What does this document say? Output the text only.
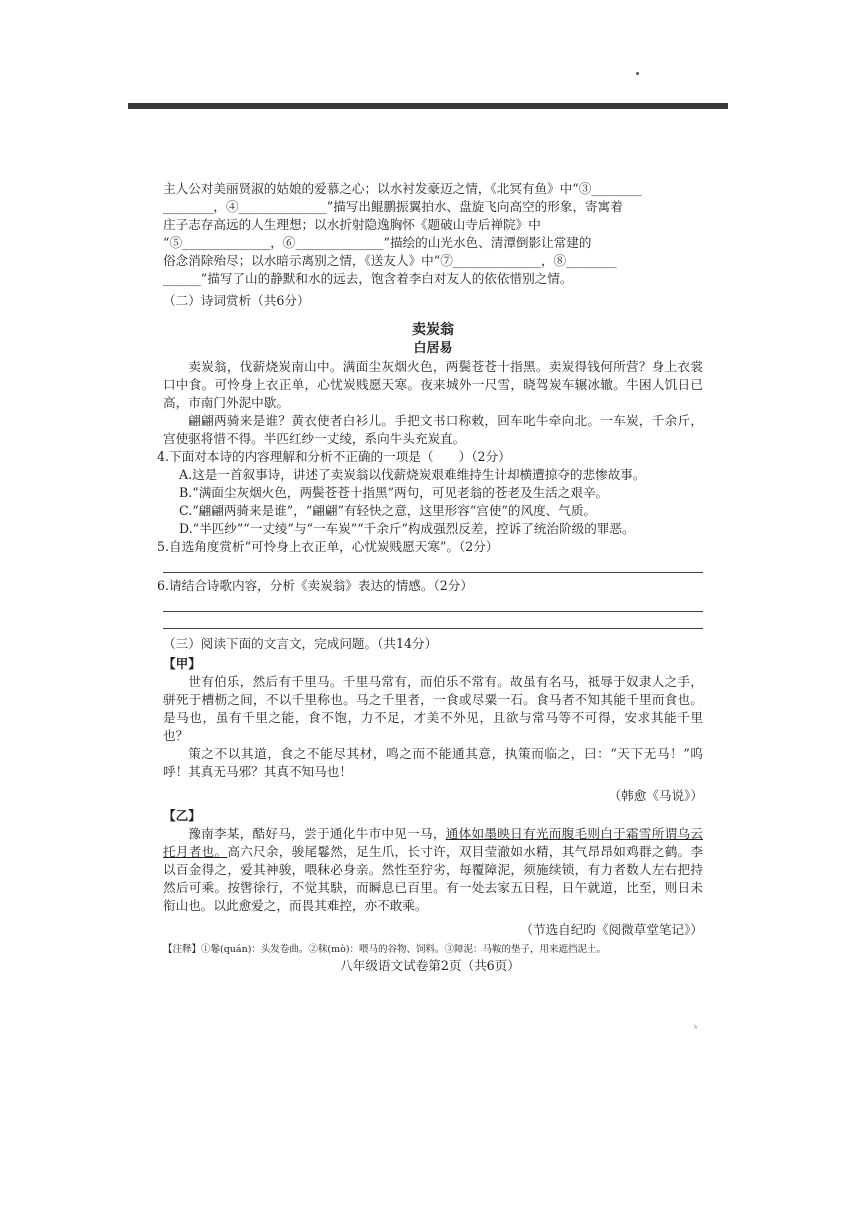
主人公对美丽贤淑的姑娘的爱慕之心；以水衬发豪迈之情，《北冥有鱼》中“③________
________，④______________”描写出鲲鹏振翼拍水、盘旋飞向高空的形象，寄寓着
庄子志存高远的人生理想；以水折射隐逸胸怀《题破山寺后禅院》中
“⑤______________，⑥______________”描绘的山光水色、清潭倒影让常建的
俗念消除殆尽；以水暗示离别之情，《送友人》中“⑦______________，⑧________
______”描写了山的静默和水的远去，饱含着李白对友人的依依惜别之情。

（二）诗词赏析（共6分）

卖炭翁
白居易

卖炭翁，伐薪烧炭南山中。满面尘灰烟火色，两鬓苍苍十指黑。卖炭得钱何所营？身上衣裳口中食。可怜身上衣正单，心忧炭贱愿天寒。夜来城外一尺雪，晓驾炭车辗冰辙。牛困人饥日已高，市南门外泥中歇。

翩翩两骑来是谁？黄衣使者白衫儿。手把文书口称敕，回车叱牛牵向北。一车炭，千余斤，宫使驱将惜不得。半匹红纱一丈绫，系向牛头充炭直。

4.下面对本诗的内容理解和分析不正确的一项是（　　）（2分）

A.这是一首叙事诗，讲述了卖炭翁以伐薪烧炭艰难维持生计却横遭掠夺的悲惨故事。

B.“满面尘灰烟火色，两鬓苍苍十指黑”两句，可见老翁的苍老及生活之艰辛。

C.“翩翩两骑来是谁”，“翩翩”有轻快之意，这里形容“宫使”的风度、气质。

D.“半匹纱”“一丈绫”与“一车炭”“千余斤”构成强烈反差，控诉了统治阶级的罪恶。

5.自选角度赏析“可怜身上衣正单，心忧炭贱愿天寒”。（2分）

6.请结合诗歌内容，分析《卖炭翁》表达的情感。（2分）

（三）阅读下面的文言文，完成问题。（共14分）

【甲】

世有伯乐，然后有千里马。千里马常有，而伯乐不常有。故虽有名马，祗辱于奴隶人之手，骈死于槽枥之间，不以千里称也。马之千里者，一食或尽粟一石。食马者不知其能千里而食也。是马也，虽有千里之能，食不饱，力不足，才美不外见，且欲与常马等不可得，安求其能千里也？

策之不以其道，食之不能尽其材，鸣之而不能通其意，执策而临之，曰：“天下无马！”呜呼！其真无马邪？其真不知马也！

（韩愈《马说》）

【乙】

豫南李某，酷好马，尝于通化牛市中见一马，通体如墨映日有光而腹毛则白于霜雪所谓乌云托月者也。高六尺余，骏尾鬈然，足生爪，长寸许，双目莹澈如水精，其气昂昂如鸡群之鹤。李以百金得之，爱其神骏，喂秣必身亲。然性至狞劣，每覆障泥，须施续锁，有力者数人左右把持然后可乘。按辔徐行，不觉其駃，而瞬息已百里。有一处去家五日程，日午就道，比至，则日未衔山也。以此愈爱之，而畏其难控，亦不敢乘。

（节选自纪昀《阅微草堂笔记》）

【注释】①鬈(quán)：头发卷曲。②秣(mò)：喂马的谷物、饲料。③障泥：马鞍的垫子，用来遮挡泥土。
八年级语文试卷第2页（共6页）
ゝ
